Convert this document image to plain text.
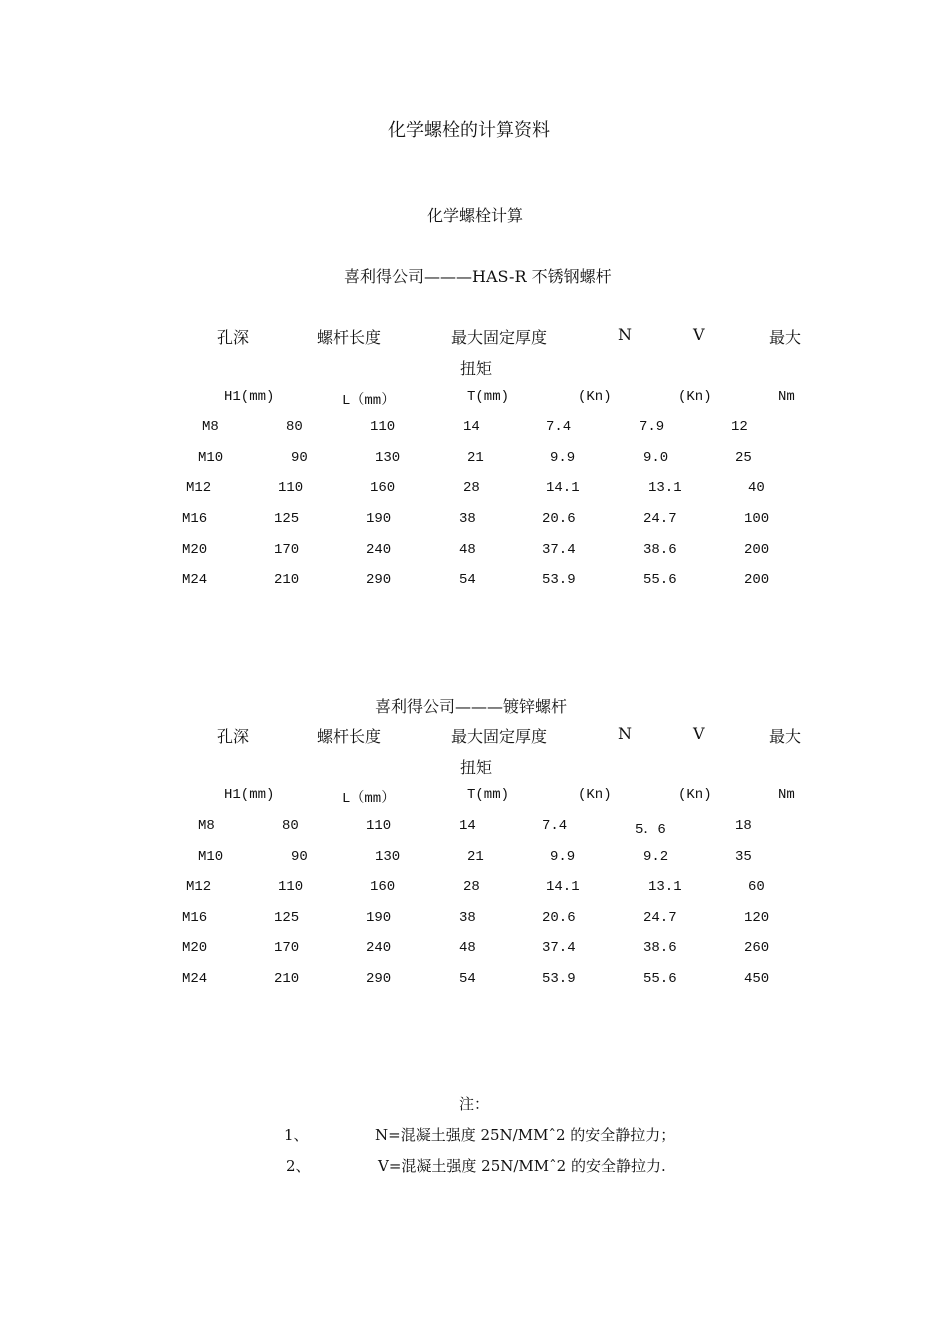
化学螺栓的计算资料
化学螺栓计算
喜利得公司———HAS-R 不锈钢螺杆
孔深	螺杆长度	最大固定厚度	N	V	最大
扭矩
H1(mm)	L（mm）	T(mm)	(Kn)	(Kn)	Nm
M8	80	110	14	7.4	7.9	12
M10	90	130	21	9.9	9.0	25
M12	110	160	28	14.1	13.1	40
M16	125	190	38	20.6	24.7	100
M20	170	240	48	37.4	38.6	200
M24	210	290	54	53.9	55.6	200
喜利得公司———镀锌螺杆
孔深	螺杆长度	最大固定厚度	N	V	最大
扭矩
H1(mm)	L（mm）	T(mm)	(Kn)	(Kn)	Nm
M8	80	110	14	7.4	5．6	18
M10	90	130	21	9.9	9.2	35
M12	110	160	28	14.1	13.1	60
M16	125	190	38	20.6	24.7	120
M20	170	240	48	37.4	38.6	260
M24	210	290	54	53.9	55.6	450
注：
1、	N=混凝土强度 25N/MMˆ2 的安全静拉力；
2、	V=混凝土强度 25N/MMˆ2 的安全静拉力.
